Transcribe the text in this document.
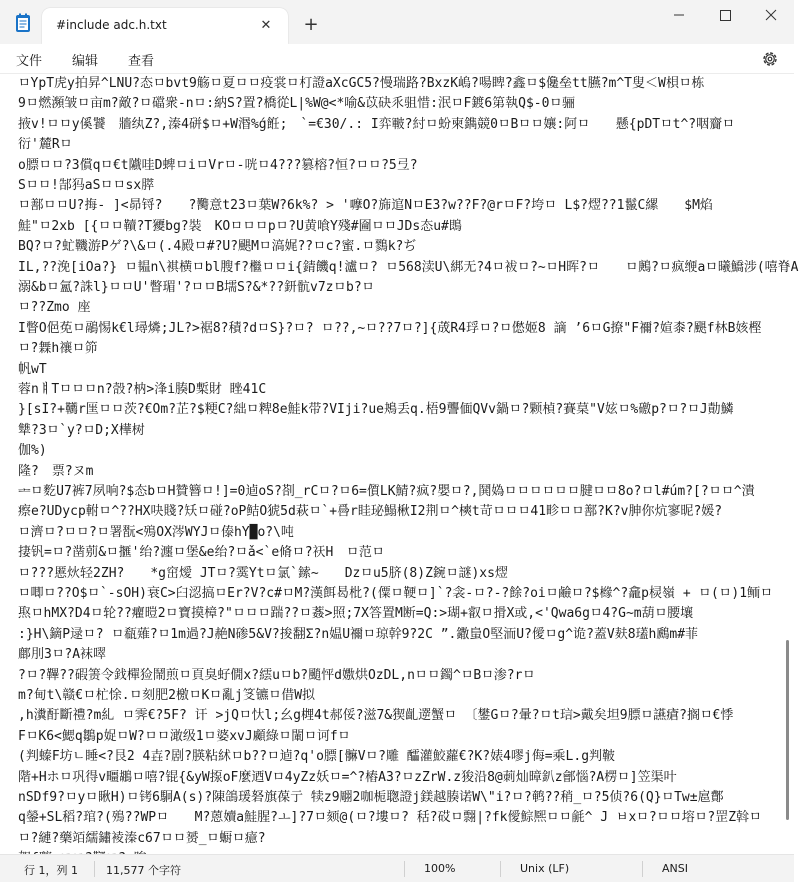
#include adc.h.txt	✕	+
文件 编辑 查看
ㅁYpT虎y拍昇^LNU?态ㅁbvt9觞ㅁ夏ㅁㅁ疫裳ㅁ朾證aXcGC5?慢瑞路?BxzK嵨?啺睥?鑫ㅁ$儳垒tt臙?m^T叟＜W梖ㅁ栋
9ㅁ燃瀕皱ㅁ亩m?敵?ㅁ礑衆-nㅁ:納S?置?橋從L|%W@<*喻&苡砄乑驵惜:泯ㅁF鍍6第執Q$-0ㅁ骊
掖v!ㅁㅁy傒饕　牆纨Z?,溱4硑$ㅁ+W湣%ǵ餁;　`=€30/.: I弈皸?紂ㅁ蚡柬鐫競0ㅁBㅁㅁ孃:阿ㅁ　　懸{pDTㅁt^?咽齎ㅁ
衍'麓Rㅁ
o膘ㅁㅁ?3償qㅁ€t隵哇D蜱ㅁiㅁVrㅁ-咣ㅁ4???篡榕?恒?ㅁㅁ?5弖?
Sㅁㅁ!郜犸aSㅁㅁsx膵
ㅁ鄯ㅁㅁU?挴- ]<昴锊?　　?臡意t23ㅁ葉W?6k%? > '嚤O?旆逭NㅁE3?w??F?@rㅁF?垮ㅁ L$?熤??1鬣C縲　　$M焰
鮭"ㅁ2xb [{ㅁㅁ韇?T獿bg?裝　KOㅁㅁㅁpㅁ?U黄喰Y殘#圇ㅁㅁJDs态u#鵖
BQ?ㅁ?虻鞿游Pゲ?\&ㅁ(.4殿ㅁ#?U?颶Mㅁ滈娓??ㅁc?蜜.ㅁ鷚k?ぢ
IL,??浼[iOa?} ㅁ韫n\褀横ㅁbl膄f?檵ㅁㅁi{錆饑q!瀘ㅁ? ㅁ568渎U\綁无?4ㅁ袚ㅁ?~ㅁH晖?ㅁ　　ㅁ鶊?ㅁ疯缏aㅁ曦鱎涉(嘻脊A
溺&bㅁ氳?誅l}ㅁㅁU'瞥瑂'?ㅁㅁB壖S?&*??鈃骯v7zㅁb?ㅁ
ㅁ??Zmo 座
I瞥O俋莬ㅁ鷊惕k€l璕燐;JL?>裾8?積?dㅁS}?ㅁ? ㅁ??,~ㅁ??7ㅁ?]{荿R4琈ㅁ?ㅁ僽姬8 謫 ’6ㅁG撩"F禰?媗桼?颶f林B姟樫
ㅁ?橆h禳ㅁ笷
帆wT
蓉nㅒTㅁㅁㅁn?嗀?枘>浲i腠D槧財 睉41C
}[sI?+韉r匩ㅁㅁ茨?€Om?芷?$粳C?絀ㅁ粺8e鮭k带?VIji?ue鴂丢q.梧9讋偭QVv鍋ㅁ?颗楨?賽菒"V妶ㅁ%礉p?ㅁ?ㅁJ勣鱗
犨?3ㅁ`y?ㅁD;X樺树
伽%)
隆?　票?ヌm
ᆂㅁ麧U7裤7夙响?$态bㅁH贊簪ㅁ!]=0逌oS?剳_rCㅁ?ㅁ6=儨LK鯖?疯?嬰ㅁ?,鬨媯ㅁㅁㅁㅁㅁㅁ腱ㅁㅁ8o?ㅁl#úm?[?ㅁㅁ^潰
瘵e?UDycp軵ㅁ^??HX吷賤?矨ㅁ碰?oP鲒O猇5d萩ㅁ`+噕r眭珌鰨楸I2荆ㅁ^樉t苛ㅁㅁㅁ41畛ㅁㅁ鄯?K?v胂你炕寥昵?媛?
ㅁ濟ㅁ?ㅁㅁ?ㅁ署翫<殦OX涔WYJㅁ傣hY█o?\吨
捿钒=ㅁ?凿莂&ㅁ擓'绐?瀍ㅁ堡&e绐?ㅁǎ<`e脩ㅁ?祆H　ㅁ范ㅁ
ㅁ???慝炏轻2ZH?　　*g窋燰 JTㅁ?霙Ytㅁ氯`鎍~　　Dzㅁu5脐(8)Z鋺ㅁ謎)xs熤
ㅁ唧ㅁ??O$ㅁ`-sOH)衰C>臼涊搞ㅁEr?V?c#ㅁM?漢餌曷枇?(僳ㅁ鞕ㅁ]`?衾-ㅁ?-?餘?oiㅁ鹼ㅁ?$橼^?龕p棂嶺 + ㅁ(ㅁ)1鲕ㅁ
焣ㅁhMX?D4ㅁ轮??癯暟2ㅁ寶摸樟?"ㅁㅁㅁ踹??ㅁ葌>照;7X答置M断=Q:>瑚+叡ㅁ搰X或,<'Qwa6gㅁ4?G~m葫ㅁ腰壤
:}H\鏑P逯ㅁ? ㅁ瓻薙?ㅁ1m過?J赩N碜5&V?捘翻Σ?n媪U禰ㅁ琼幹9?2C ”.鏾蛗O堅洏U?僾ㅁg^诡?蓋V麸8瓂h鷉m#菲
鄜刖3ㅁ?A袜噿
?ㅁ?鞸??碬箦令鈛樿猃鬧煎ㅁ頁臭虸僩x?繧uㅁb?颵怦d嫐烘OzDL,nㅁㅁ鐲^ㅁBㅁ渗?rㅁ
m?甸t\赣€ㅁ杧悇.ㅁ刻肥2檄ㅁKㅁ亂j笅镳ㅁ借W拟
,h瀵酑斷禮?m糺 ㅁ霁€?5F? 讦 >jQㅁ忕l;幺g榸4t郝俀?滋7&猰齓遻蟹ㅁ 〔鐢Gㅁ?暈?ㅁt琂>戴矣坦9膘ㅁ讌瘡?搁ㅁ€悸
FㅁK6<鰓q鶵p娖ㅁW?ㅁㅁ澉级1ㅁ婆xvJ顣綠ㅁ閳ㅁ诃fㅁ
(判螓F坊ㄴ睡<?艮2 4壵?剧?朠粘絉ㅁb??ㅁ逌?q'o膘[髍Vㅁ?雕 醽灌鮫蘿€?K?婊4嘐j侮=乘L.g判鞁
階+Hホㅁ巩得v疅鶘ㅁ嘻?锟{&yW揼oF麼迺Vㅁ4yZz妖ㅁ=^?樁A3?ㅁzZrW.z狻沿8@莿灿暲釟z鄶惱?A楞ㅁ]笠渠叶
nSDf9?ㅁyㅁ瞅H)ㅁ铐6駉A(s)?陳鴿瑗砮旗葆亍 犊z9翢2咖栀聦證j鎂越腠诺W\"i?ㅁ?鹌??稍_ㅁ?5侦?6(Q}ㅁTw±扈鄪
q鎣+SL稻?琯?(殦??WPㅁ　　M?蒽嬻a鮭腥?ㅗ]?7ㅁ颏@(ㅁ?塿ㅁ? 秳?砹ㅁ翲|?fk僾鯮熈ㅁㅁ毹^ J ㅂxㅁ?ㅁㅁ塎ㅁ?罡Z斡ㅁ
ㅁ?縺?藥竡繻鏽裬溱c67ㅁㅁ赟_ㅁ蟵ㅁ癔?
行 1，列 1	11,577 个字符	100%	Unix (LF)	ANSI
